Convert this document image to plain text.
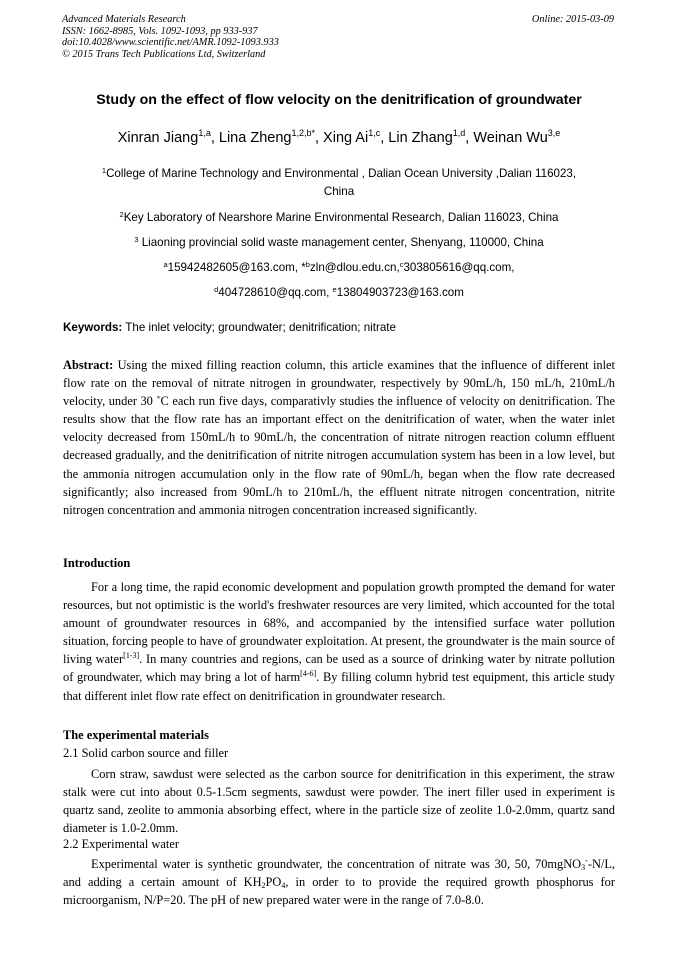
Advanced Materials Research
ISSN: 1662-8985, Vols. 1092-1093, pp 933-937
doi:10.4028/www.scientific.net/AMR.1092-1093.933
© 2015 Trans Tech Publications Ltd, Switzerland
Online: 2015-03-09
Study on the effect of flow velocity on the denitrification of groundwater
Xinran Jiang$^{1,a}$, Lina Zheng$^{1,2,b*}$, Xing Ai$^{1,c}$, Lin Zhang$^{1,d}$, Weinan Wu$^{3,e}$
$^1$College of Marine Technology and Environmental , Dalian Ocean University ,Dalian 116023,
China
$^2$Key Laboratory of Nearshore Marine Environmental Research, Dalian 116023, China
$^3$ Liaoning provincial solid waste management center, Shenyang, 110000, China
$^a$15942482605@163.com, *$^b$zln@dlou.edu.cn,$^c$303805616@qq.com,
$^d$404728610@qq.com, $^e$13804903723@163.com
Keywords: The inlet velocity; groundwater; denitrification; nitrate

Abstract: Using the mixed filling reaction column, this article examines that the influence of different inlet flow rate on the removal of nitrate nitrogen in groundwater, respectively by 90mL/h, 150 mL/h, 210mL/h velocity, under 30 ˚C each run five days, comparativly studies the influence of velocity on denitrification. The results show that the flow rate has an important effect on the denitrification of water, when the water inlet velocity decreased from 150mL/h to 90mL/h, the concentration of nitrate nitrogen reaction column effluent decreased gradually, and the denitrification of nitrite nitrogen accumulation system has been in a low level, but the ammonia nitrogen accumulation only in the flow rate of 90mL/h, began when the flow rate decreased significantly; also increased from 90mL/h to 210mL/h, the effluent nitrate nitrogen concentration, nitrite nitrogen concentration and ammonia nitrogen concentration increased significantly.

Introduction

For a long time, the rapid economic development and population growth prompted the demand for water resources, but not optimistic is the world's freshwater resources are very limited, which accounted for the total amount of groundwater resources in 68%, and accompanied by the intensified surface water pollution situation, forcing people to have of groundwater exploitation. At present, the groundwater is the main source of living water[1-3]. In many countries and regions, can be used as a source of drinking water by nitrate pollution of groundwater, which may bring a lot of harm[4-6]. By filling column hybrid test equipment, this article study that different inlet flow rate effect on denitrification in groundwater research.

The experimental materials
2.1 Solid carbon source and filler

Corn straw, sawdust were selected as the carbon source for denitrification in this experiment, the straw stalk were cut into about 0.5-1.5cm segments, sawdust were powder. The inert filler used in experiment is quartz sand, zeolite to ammonia absorbing effect, where in the particle size of zeolite 1.0-2.0mm, quartz sand diameter is 1.0-2.0mm.

2.2 Experimental water

Experimental water is synthetic groundwater, the concentration of nitrate was 30, 50, 70mgNO$_3$--N/L, and adding a certain amount of $KH_2PO_4$, in order to to provide the required growth phosphorus for microorganism, N/P=20. The pH of new prepared water were in the range of 7.0-8.0.
